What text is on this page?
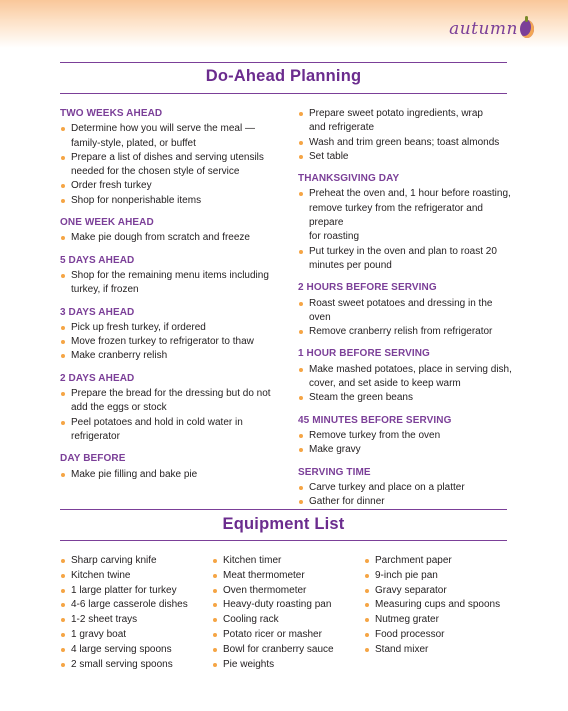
autumn
Do-Ahead Planning
TWO WEEKS AHEAD
Determine how you will serve the meal —
family-style, plated, or buffet
Prepare a list of dishes and serving utensils
needed for the chosen style of service
Order fresh turkey
Shop for nonperishable items
ONE WEEK AHEAD
Make pie dough from scratch and freeze
5 DAYS AHEAD
Shop for the remaining menu items including
turkey, if frozen
3 DAYS AHEAD
Pick up fresh turkey, if ordered
Move frozen turkey to refrigerator to thaw
Make cranberry relish
2 DAYS AHEAD
Prepare the bread for the dressing but do not
add the eggs or stock
Peel potatoes and hold in cold water in
refrigerator
DAY BEFORE
Make pie filling and bake pie
Prepare sweet potato ingredients, wrap
and refrigerate
Wash and trim green beans; toast almonds
Set table
THANKSGIVING DAY
Preheat the oven and, 1 hour before roasting,
remove turkey from the refrigerator and prepare
for roasting
Put turkey in the oven and plan to roast 20
minutes per pound
2 HOURS BEFORE SERVING
Roast sweet potatoes and dressing in the oven
Remove cranberry relish from refrigerator
1 HOUR BEFORE SERVING
Make mashed potatoes, place in serving dish,
cover, and set aside to keep warm
Steam the green beans
45 MINUTES BEFORE SERVING
Remove turkey from the oven
Make gravy
SERVING TIME
Carve turkey and place on a platter
Gather for dinner
Equipment List
Sharp carving knife
Kitchen twine
1 large platter for turkey
4-6 large casserole dishes
1-2 sheet trays
1 gravy boat
4 large serving spoons
2 small serving spoons
Kitchen timer
Meat thermometer
Oven thermometer
Heavy-duty roasting pan
Cooling rack
Potato ricer or masher
Bowl for cranberry sauce
Pie weights
Parchment paper
9-inch pie pan
Gravy separator
Measuring cups and spoons
Nutmeg grater
Food processor
Stand mixer
